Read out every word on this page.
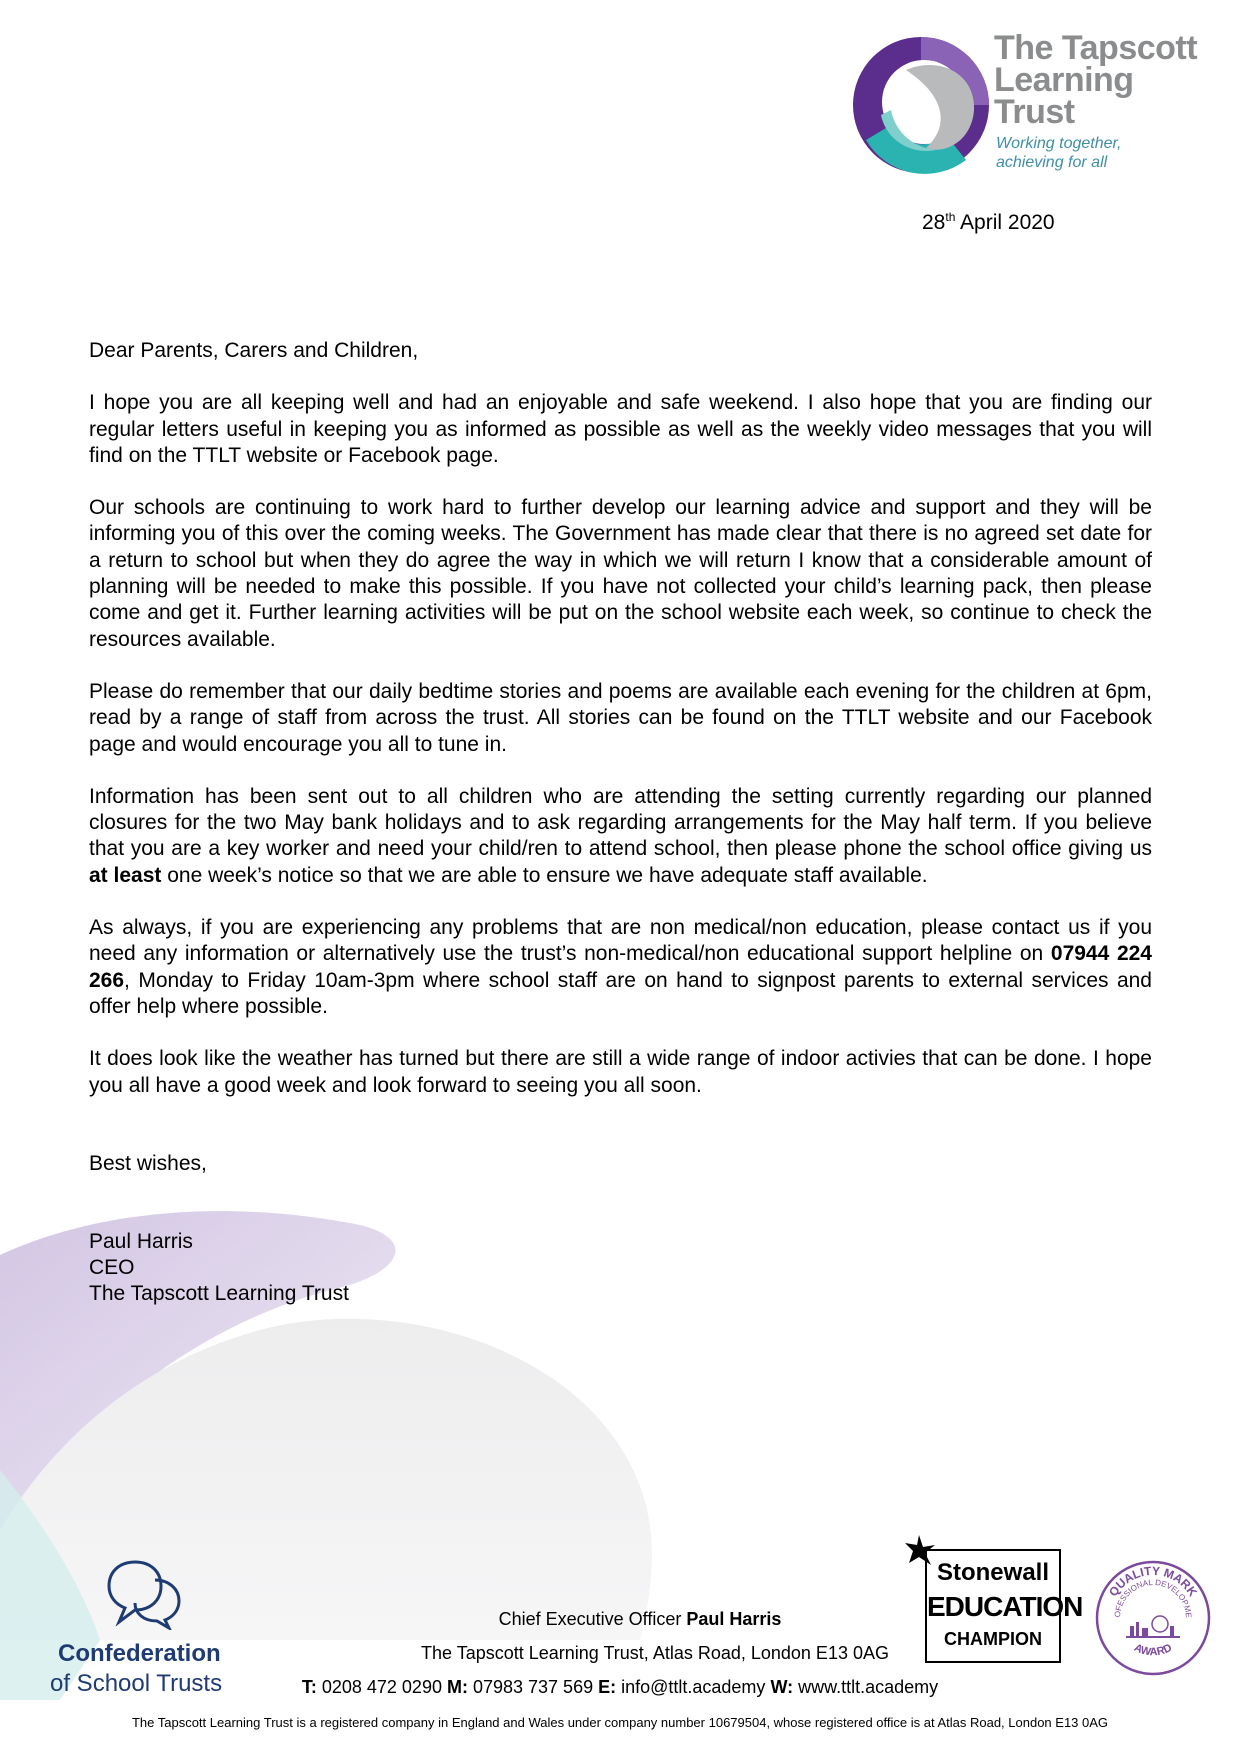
The Tapscott
Learning
Trust
Working together,
achieving for all
28th April 2020

Dear Parents, Carers and Children,

I hope you are all keeping well and had an enjoyable and safe weekend. I also hope that you are finding our regular letters useful in keeping you as informed as possible as well as the weekly video messages that you will find on the TTLT website or Facebook page.

Our schools are continuing to work hard to further develop our learning advice and support and they will be informing you of this over the coming weeks. The Government has made clear that there is no agreed set date for a return to school but when they do agree the way in which we will return I know that a considerable amount of planning will be needed to make this possible. If you have not collected your child’s learning pack, then please come and get it. Further learning activities will be put on the school website each week, so continue to check the resources available.

Please do remember that our daily bedtime stories and poems are available each evening for the children at 6pm, read by a range of staff from across the trust. All stories can be found on the TTLT website and our Facebook page and would encourage you all to tune in.

Information has been sent out to all children who are attending the setting currently regarding our planned closures for the two May bank holidays and to ask regarding arrangements for the May half term. If you believe that you are a key worker and need your child/ren to attend school, then please phone the school office giving us at least one week’s notice so that we are able to ensure we have adequate staff available.

As always, if you are experiencing any problems that are non medical/non education, please contact us if you need any information or alternatively use the trust’s non-medical/non educational support helpline on 07944 224 266, Monday to Friday 10am-3pm where school staff are on hand to signpost parents to external services and offer help where possible.

It does look like the weather has turned but there are still a wide range of indoor activies that can be done. I hope you all have a good week and look forward to seeing you all soon.

Best wishes,

Paul Harris
CEO
The Tapscott Learning Trust
Confederation
of School Trusts
Chief Executive Officer Paul Harris
The Tapscott Learning Trust, Atlas Road, London E13 0AG
T: 0208 472 0290 M: 07983 737 569 E: info@ttlt.academy W: www.ttlt.academy
Stonewall
EDUCATION
CHAMPION
QUALITY MARK
OFESSIONAL DEVELOPME
AWARD
The Tapscott Learning Trust is a registered company in England and Wales under company number 10679504, whose registered office is at Atlas Road, London E13 0AG
